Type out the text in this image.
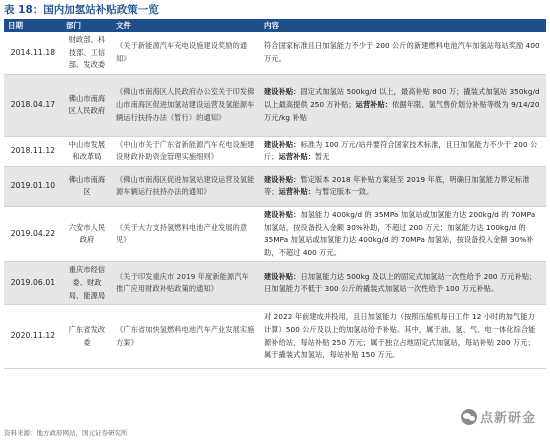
表 18：国内加氢站补贴政策一览
日期	部门	文件	内容
2014.11.18	财政部、科技部、工信部、发改委	《关于新能源汽车充电设施建设奖励的通知》	符合国家标准且日加氢能力不少于 200 公斤的新建燃料电池汽车加氢站每站奖励 400 万元。
2018.04.17	佛山市南海区人民政府	《佛山市南海区人民政府办公室关于印发佛山市南海区促进加氢站建设运营及氢能源车辆运行扶持办法（暂行）的通知》	建设补贴：固定式加氢站 500kg/d 以上，最高补贴 800 万；撬装式加氢站 350kg/d 以上最高提供 250 万补贴；运营补贴：依据年限、氢气售价划分补贴等级为 9/14/20 万元/kg 补贴
2018.11.12	中山市发展和改革局	《中山市关于广东省新能源汽车充电设施建设财政补助资金管理实施细则》	建设补贴：标准为 100 万元/站并要符合国家技术标准，且日加氢能力不少于 200 公斤；运营补贴：暂无
2019.01.10	佛山市南海区	《佛山市南海区促进加氢站建设运营及氢能源车辆运行扶持办法的通知》	建设补贴：暂定版本 2018 年补贴方案延至 2019 年底，明确日加氢能力界定标准等；运营补贴：与暂定版本一致。
2019.04.22	六安市人民政府	《关于大力支持氢燃料电池产业发展的意见》	建设补贴：加氢能力 400kg/d 的 35MPa 加氢站或加氢能力达 200kg/d 的 70MPa 加氢站，按设备投入金额 30%补助，不超过 200 万元；加氢能力达 100kg/d 的 35MPa 加氢站或加氢能力达 400kg/d 的 70MPa 加氢站，按设备投入金额 30%补助，不超过 400 万元。
2019.06.01	重庆市经信委、财政局、能源局	《关于印发重庆市 2019 年度新能源汽车推广应用财政补贴政策的通知》	建设补贴：日加氢能力达 500kg 及以上的固定式加氢站一次性给予 200 万元补贴；日加氢能力不低于 300 公斤的撬装式加氢站一次性给予 100 万元补贴。
2020.11.12	广东省发改委	《广东省加快氢燃料电池汽车产业发展实施方案》	对 2022 年前建成并投用，且日加氢能力（按照压缩机每日工作 12 小时的加气能力计算）500 公斤及以上的加氢站给予补贴。其中，属于油、氢、气、电一体化综合能源补给站，每站补贴 250 万元；属于独立占地固定式加氢站，每站补贴 200 万元；属于撬装式加氢站，每站补贴 150 万元。
资料来源：地方政府网站，国元证券研究所
点新研金
